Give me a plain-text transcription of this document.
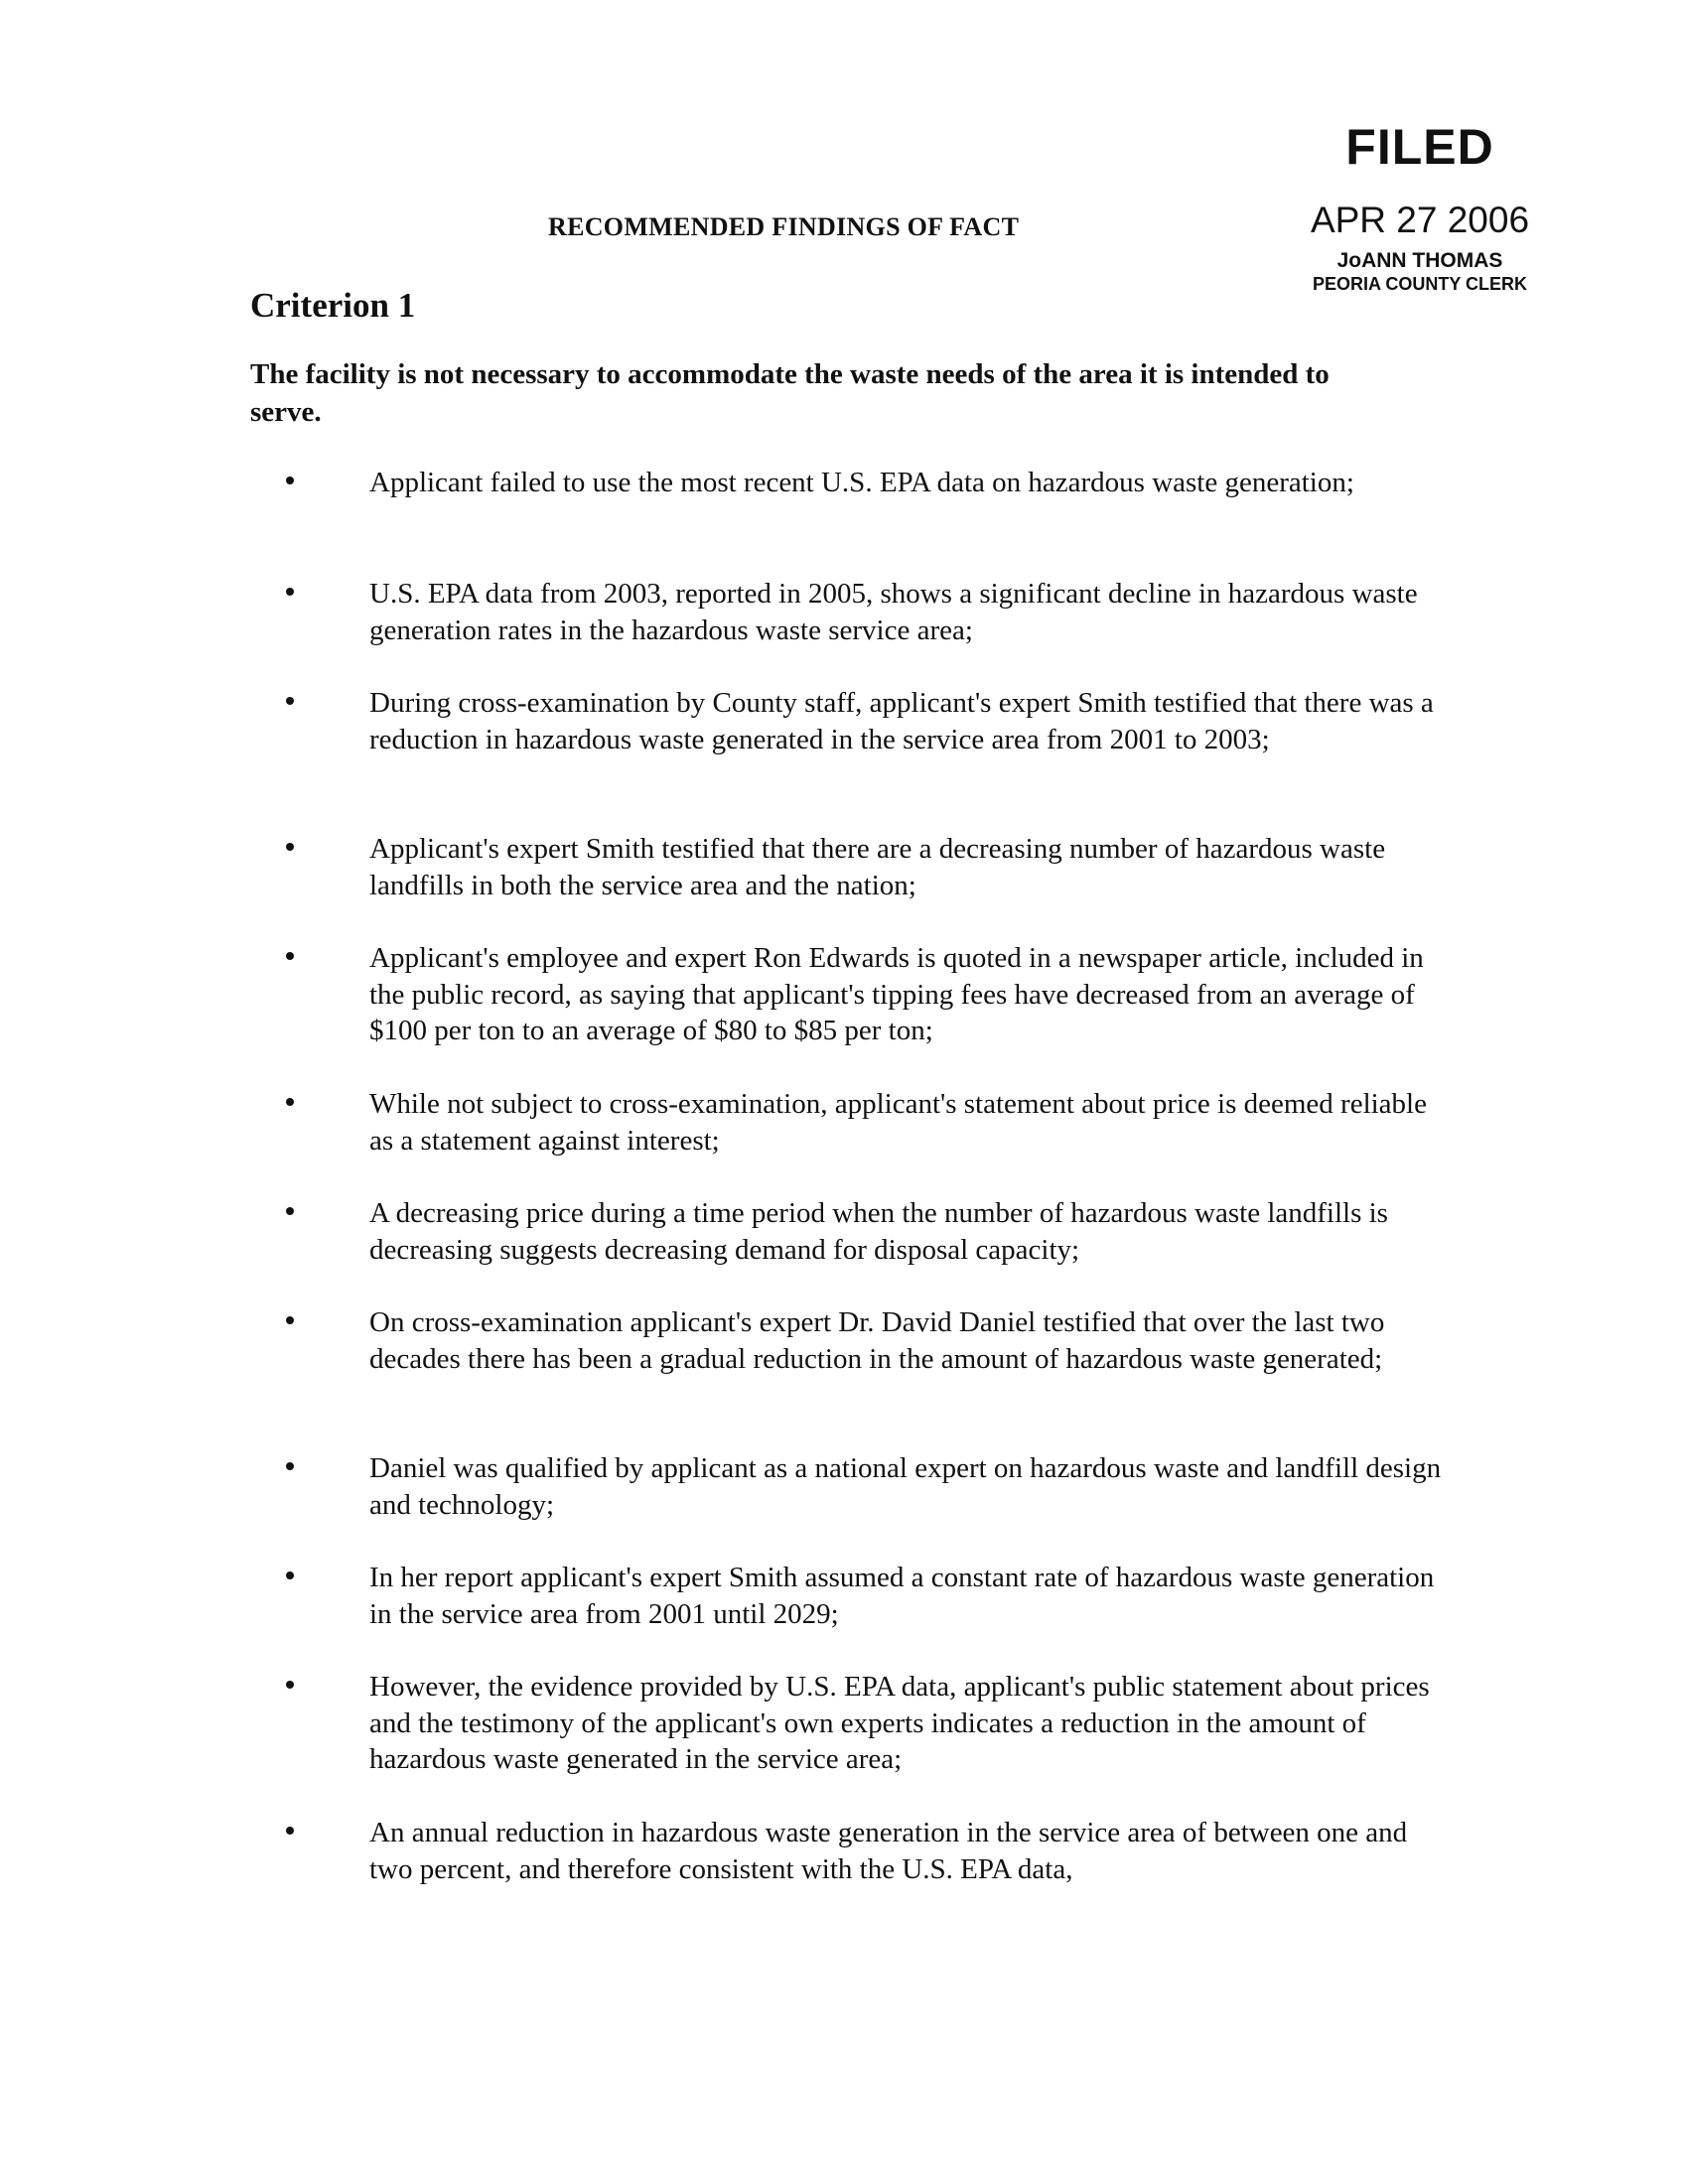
FILED
APR 27 2006
JoANN THOMAS
PEORIA COUNTY CLERK
RECOMMENDED FINDINGS OF FACT
Criterion 1
The facility is not necessary to accommodate the waste needs of the area it is intended to serve.
Applicant failed to use the most recent U.S. EPA data on hazardous waste generation;
U.S. EPA data from 2003, reported in 2005, shows a significant decline in hazardous waste generation rates in the hazardous waste service area;
During cross-examination by County staff, applicant's expert Smith testified that there was a reduction in hazardous waste generated in the service area from 2001 to 2003;
Applicant's expert Smith testified that there are a decreasing number of hazardous waste landfills in both the service area and the nation;
Applicant's employee and expert Ron Edwards is quoted in a newspaper article, included in the public record, as saying that applicant's tipping fees have decreased from an average of $100 per ton to an average of $80 to $85 per ton;
While not subject to cross-examination, applicant's statement about price is deemed reliable as a statement against interest;
A decreasing price during a time period when the number of hazardous waste landfills is decreasing suggests decreasing demand for disposal capacity;
On cross-examination applicant's expert Dr. David Daniel testified that over the last two decades there has been a gradual reduction in the amount of hazardous waste generated;
Daniel was qualified by applicant as a national expert on hazardous waste and landfill design and technology;
In her report applicant's expert Smith assumed a constant rate of hazardous waste generation in the service area from 2001 until 2029;
However, the evidence provided by U.S. EPA data, applicant's public statement about prices and the testimony of the applicant's own experts indicates a reduction in the amount of hazardous waste generated in the service area;
An annual reduction in hazardous waste generation in the service area of between one and two percent, and therefore consistent with the U.S. EPA data,
